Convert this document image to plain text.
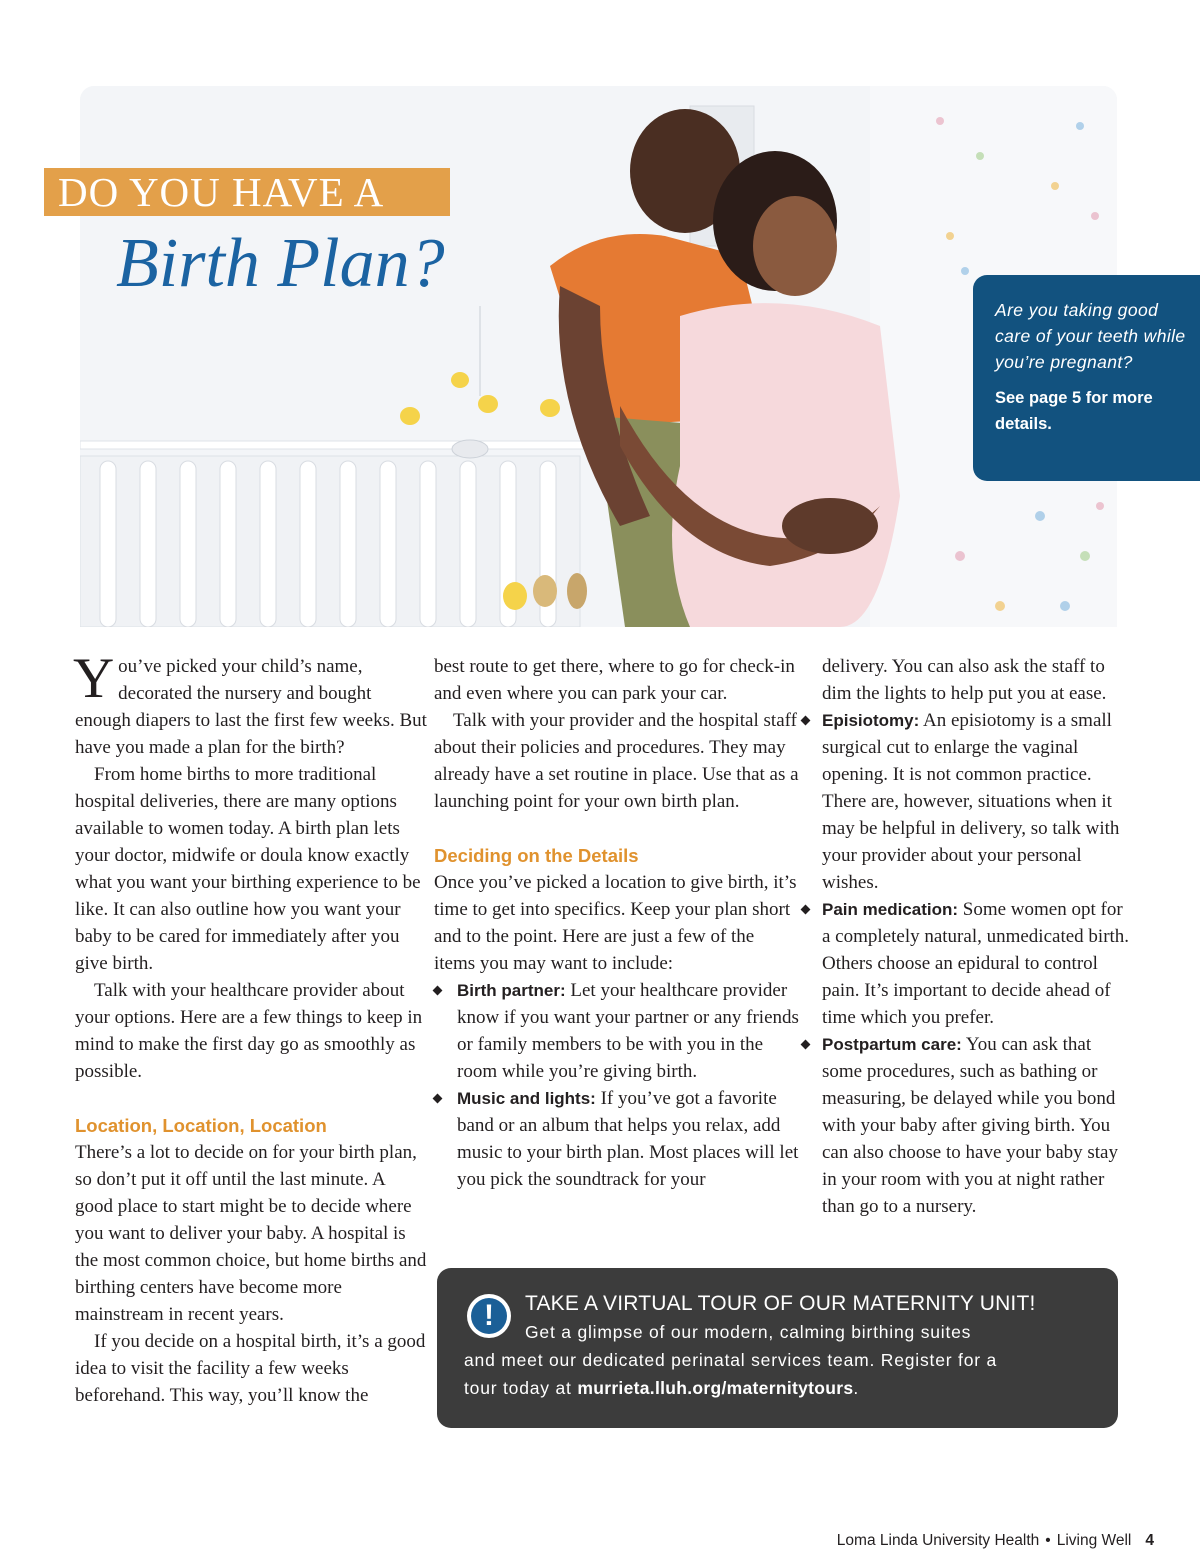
DO YOU HAVE A
Birth Plan?
Are you taking good care of your teeth while you’re pregnant?
See page 5 for more details.

You’ve picked your child’s name, decorated the nursery and bought enough diapers to last the first few weeks. But have you made a plan for the birth?

From home births to more traditional hospital deliveries, there are many options available to women today. A birth plan lets your doctor, midwife or doula know exactly what you want your birthing experience to be like. It can also outline how you want your baby to be cared for immediately after you give birth.

Talk with your healthcare provider about your options. Here are a few things to keep in mind to make the first day go as smoothly as possible.

Location, Location, Location

There’s a lot to decide on for your birth plan, so don’t put it off until the last minute. A good place to start might be to decide where you want to deliver your baby. A hospital is the most common choice, but home births and birthing centers have become more mainstream in recent years.

If you decide on a hospital birth, it’s a good idea to visit the facility a few weeks beforehand. This way, you’ll know the

best route to get there, where to go for check-in and even where you can park your car.

Talk with your provider and the hospital staff about their policies and procedures. They may already have a set routine in place. Use that as a launching point for your own birth plan.

Deciding on the Details

Once you’ve picked a location to give birth, it’s time to get into specifics. Keep your plan short and to the point. Here are just a few of the items you may want to include:

Birth partner: Let your healthcare provider know if you want your partner or any friends or family members to be with you in the room while you’re giving birth.

Music and lights: If you’ve got a favorite band or an album that helps you relax, add music to your birth plan. Most places will let you pick the soundtrack for your

delivery. You can also ask the staff to dim the lights to help put you at ease.

Episiotomy: An episiotomy is a small surgical cut to enlarge the vaginal opening. It is not common practice. There are, however, situations when it may be helpful in delivery, so talk with your provider about your personal wishes.

Pain medication: Some women opt for a completely natural, unmedicated birth. Others choose an epidural to control pain. It’s important to decide ahead of time which you prefer.

Postpartum care: You can ask that some procedures, such as bathing or measuring, be delayed while you bond with your baby after giving birth. You can also choose to have your baby stay in your room with you at night rather than go to a nursery.

!	TAKE A VIRTUAL TOUR OF OUR MATERNITY UNIT!
Get a glimpse of our modern, calming birthing suites
and meet our dedicated perinatal services team. Register for a
tour today at murrieta.lluh.org/maternitytours.
Loma Linda University Health • Living Well 4
